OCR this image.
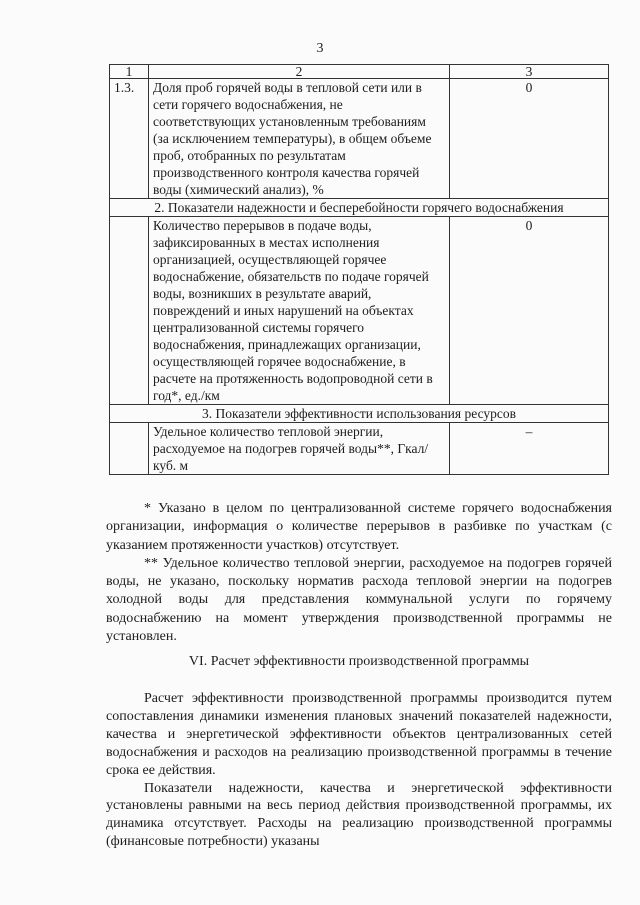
3
1	2	3
1.3.	Доля проб горячей воды в тепловой сети или в сети горячего водоснабжения, не соответствующих установленным требованиям (за исключением температуры), в общем объеме проб, отобранных по результатам производственного контроля качества горячей воды (химический анализ), %	0
2. Показатели надежности и бесперебойности горячего водоснабжения		
	Количество перерывов в подаче воды, зафиксированных в местах исполнения организацией, осуществляющей горячее водоснабжение, обязательств по подаче горячей воды, возникших в результате аварий, повреждений и иных нарушений на объектах централизованной системы горячего водоснабжения, принадлежащих организации, осуществляющей горячее водоснабжение, в расчете на протяженность водопроводной сети в год*, ед./км	0
3. Показатели эффективности использования ресурсов		
	Удельное количество тепловой энергии, расходуемое на подогрев горячей воды**, Гкал/куб. м	–

* Указано в целом по централизованной системе горячего водоснабжения организации, информация о количестве перерывов в разбивке по участкам (с указанием протяженности участков) отсутствует.

** Удельное количество тепловой энергии, расходуемое на подогрев горячей воды, не указано, поскольку норматив расхода тепловой энергии на подогрев холодной воды для представления коммунальной услуги по горячему водоснабжению на момент утверждения производственной программы не установлен.

VI. Расчет эффективности производственной программы

Расчет эффективности производственной программы производится путем сопоставления динамики изменения плановых значений показателей надежности, качества и энергетической эффективности объектов централизованных сетей водоснабжения и расходов на реализацию производственной программы в течение срока ее действия.

Показатели надежности, качества и энергетической эффективности установлены равными на весь период действия производственной программы, их динамика отсутствует. Расходы на реализацию производственной программы (финансовые потребности) указаны
